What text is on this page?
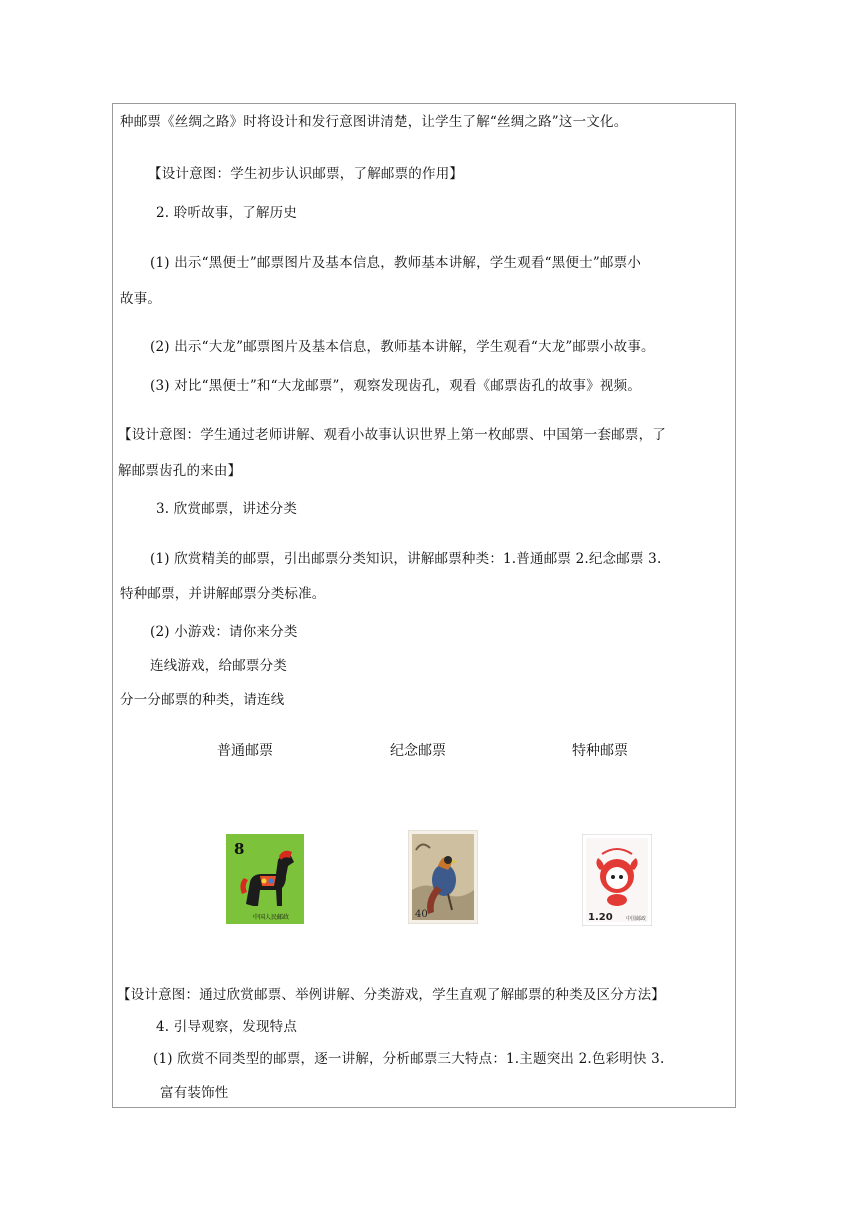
种邮票《丝绸之路》时将设计和发行意图讲清楚，让学生了解“丝绸之路”这一文化。
【设计意图：学生初步认识邮票，了解邮票的作用】
2. 聆听故事，了解历史
(1) 出示“黑便士”邮票图片及基本信息，教师基本讲解，学生观看“黑便士”邮票小
故事。
(2) 出示“大龙”邮票图片及基本信息，教师基本讲解，学生观看“大龙”邮票小故事。
(3) 对比“黑便士”和“大龙邮票”，观察发现齿孔，观看《邮票齿孔的故事》视频。
【设计意图：学生通过老师讲解、观看小故事认识世界上第一枚邮票、中国第一套邮票，了
解邮票齿孔的来由】
3. 欣赏邮票，讲述分类
(1) 欣赏精美的邮票，引出邮票分类知识，讲解邮票种类：1.普通邮票 2.纪念邮票 3.
特种邮票，并讲解邮票分类标准。
(2) 小游戏：请你来分类
连线游戏，给邮票分类
分一分邮票的种类，请连线
普通邮票	纪念邮票	特种邮票
8
中国人民邮政	40	1.20	中国邮政
【设计意图：通过欣赏邮票、举例讲解、分类游戏，学生直观了解邮票的种类及区分方法】
4. 引导观察，发现特点
(1) 欣赏不同类型的邮票，逐一讲解，分析邮票三大特点：1.主题突出 2.色彩明快 3.
富有装饰性
